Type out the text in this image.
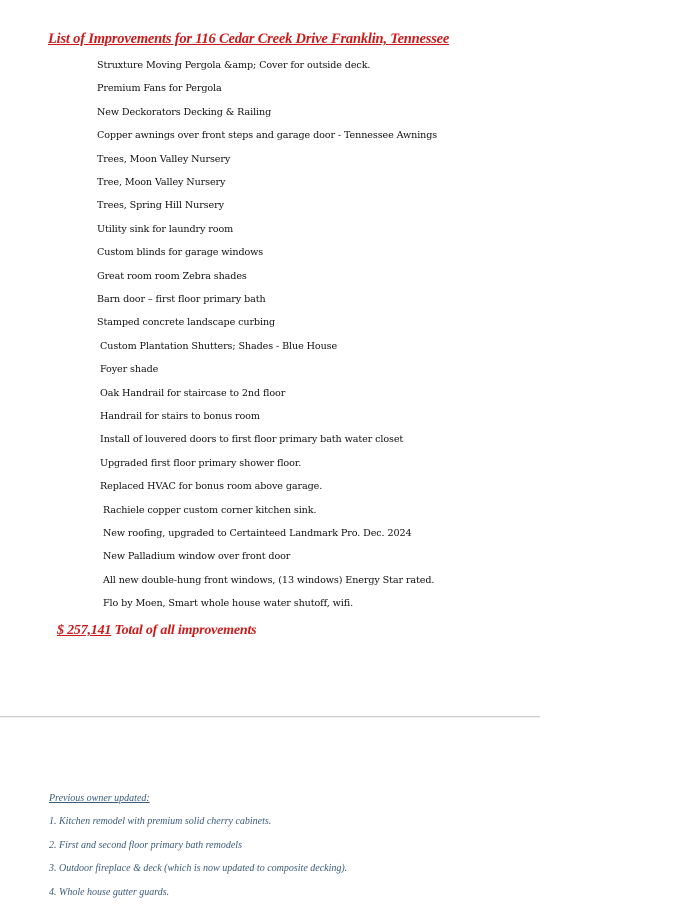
List of Improvements for 116 Cedar Creek Drive Franklin, Tennessee
Struxture Moving Pergola &amp; Cover for outside deck.
Premium Fans for Pergola
New Deckorators Decking & Railing
Copper awnings over front steps and garage door - Tennessee Awnings
Trees, Moon Valley Nursery
Tree, Moon Valley Nursery
Trees, Spring Hill Nursery
Utility sink for laundry room
Custom blinds for garage windows
Great room room Zebra shades
Barn door – first floor primary bath
Stamped concrete landscape curbing
Custom Plantation Shutters; Shades - Blue House
Foyer shade
Oak Handrail for staircase to 2nd floor
Handrail for stairs to bonus room
Install of louvered doors to first floor primary bath water closet
Upgraded first floor primary shower floor.
Replaced HVAC for bonus room above garage.
Rachiele copper custom corner kitchen sink.
New roofing, upgraded to Certainteed Landmark Pro. Dec. 2024
New Palladium window over front door
All new double-hung front windows, (13 windows) Energy Star rated.
Flo by Moen, Smart whole house water shutoff, wifi.
$ 257,141 Total of all improvements
Previous owner updated:
1. Kitchen remodel with premium solid cherry cabinets.
2. First and second floor primary bath remodels
3. Outdoor fireplace & deck (which is now updated to composite decking).
4. Whole house gutter guards.
